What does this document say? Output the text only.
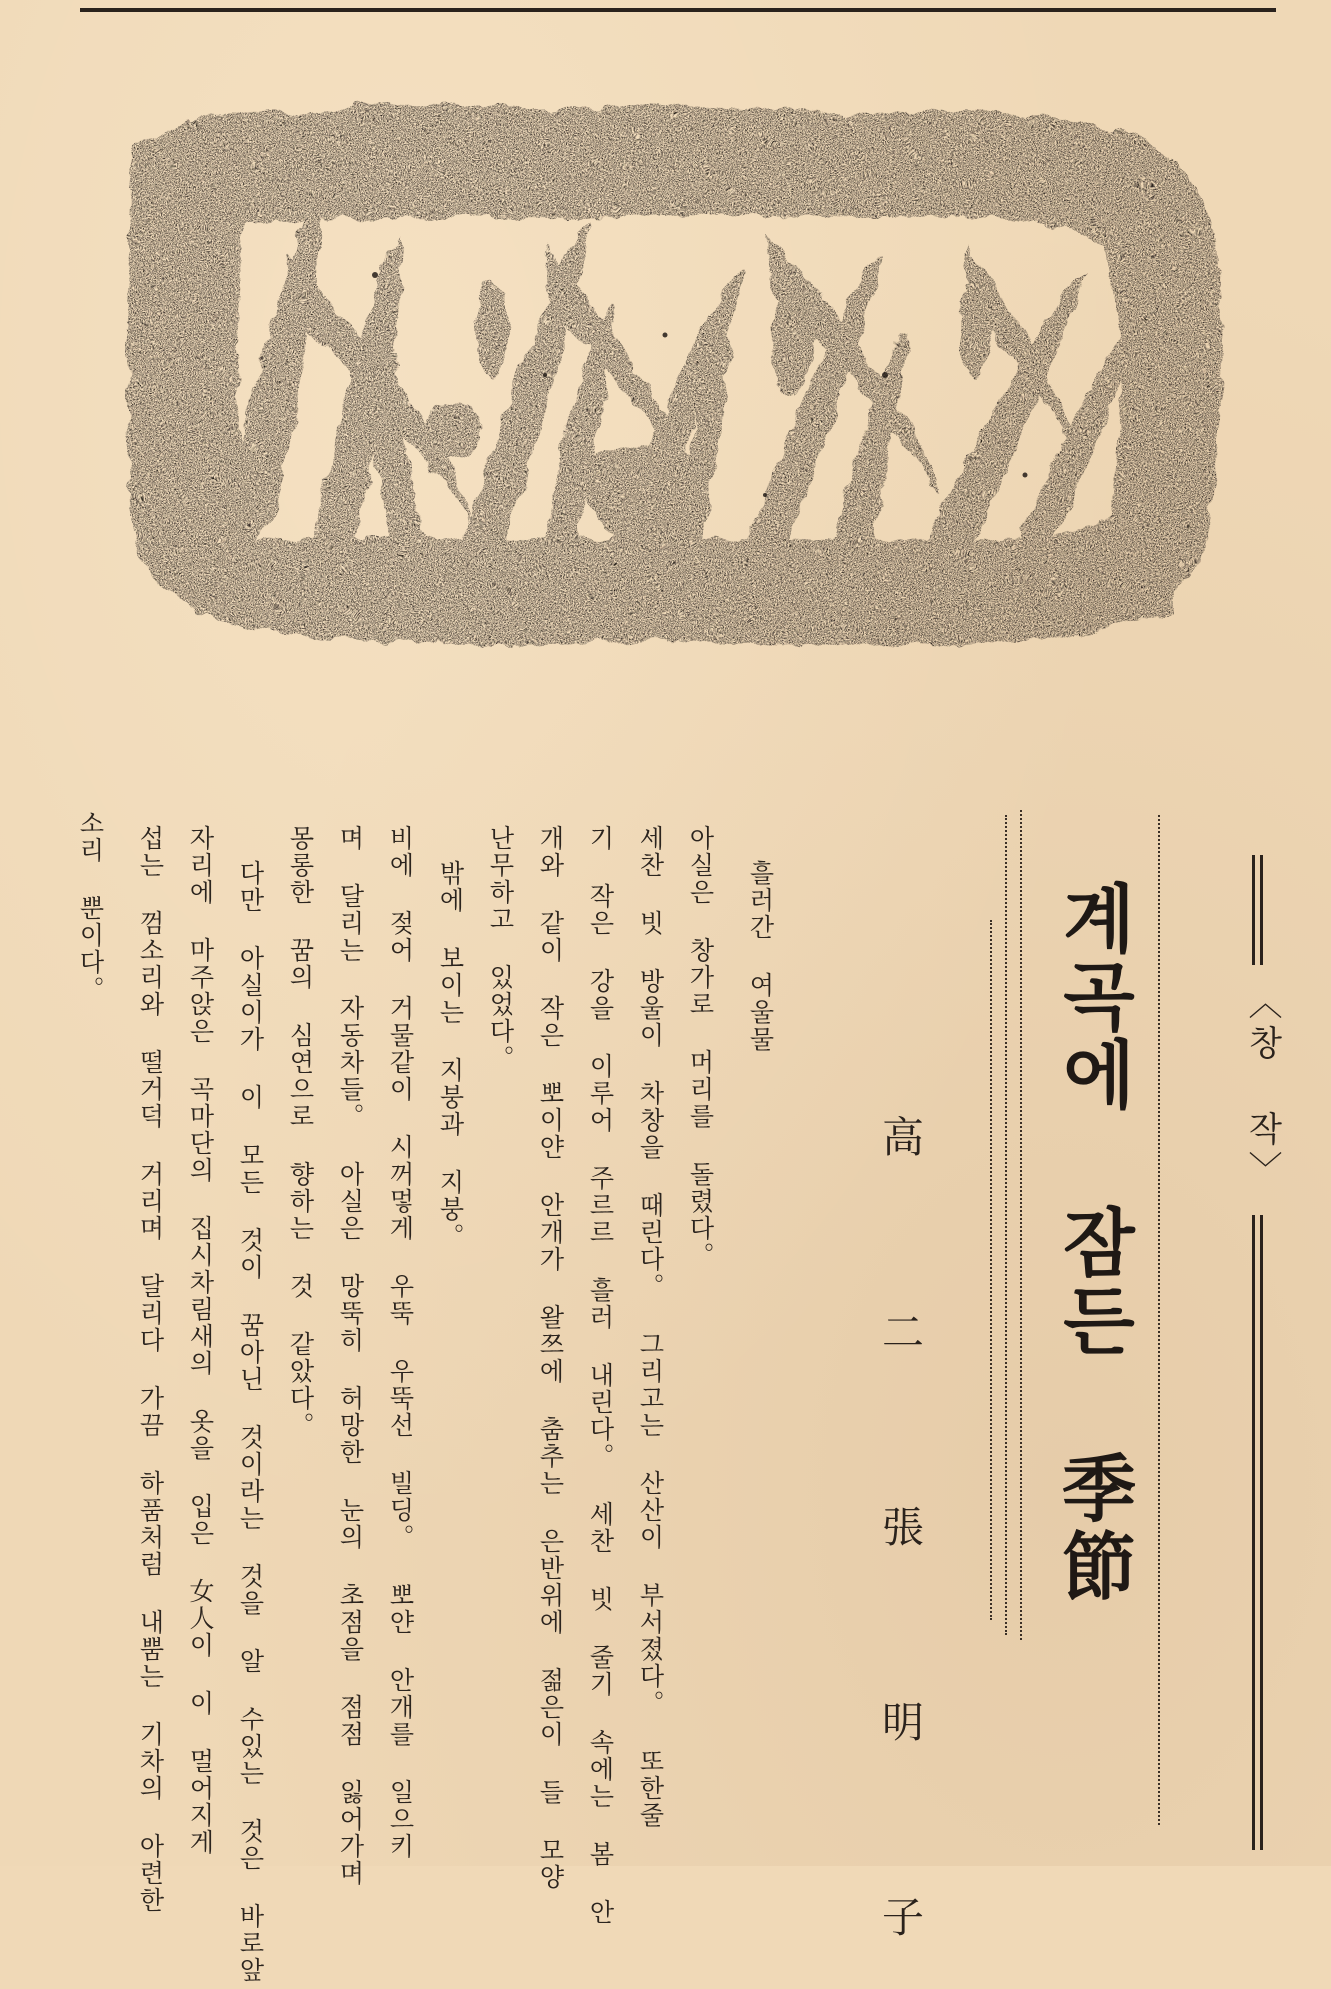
〈창 작〉
계곡에 잠든 季節
高 二 張 明 子
흘러간 여울물
아실은 창가로 머리를 돌렸다。
세찬 빗 방울이 차창을 때린다。 그리고는 산산이 부서졌다。 또한줄
기 작은 강을 이루어 주르르 흘러 내린다。 세찬 빗 줄기 속에는 봄 안
개와 같이 작은 뽀이얀 안개가 왈쯔에 춤추는 은반위에 젊은이 들 모양
난무하고 있었다。
밖에 보이는 지붕과 지붕。
비에 젖어 거물같이 시꺼멓게 우뚝 우뚝선 빌딩。 뽀얀 안개를 일으키
며 달리는 자동차들。 아실은 망뚝히 허망한 눈의 초점을 점점 잃어가며
몽롱한 꿈의 심연으로 향하는 것 같았다。
다만 아실이가 이 모든 것이 꿈아닌 것이라는 것을 알 수있는 것은 바로앞
자리에 마주앉은 곡마단의 집시차림새의 옷을 입은 女人이 이 멀어지게
섭는 껌소리와 떨거덕 거리며 달리다 가끔 하품처럼 내뿜는 기차의 아련한
소리 뿐이다。
